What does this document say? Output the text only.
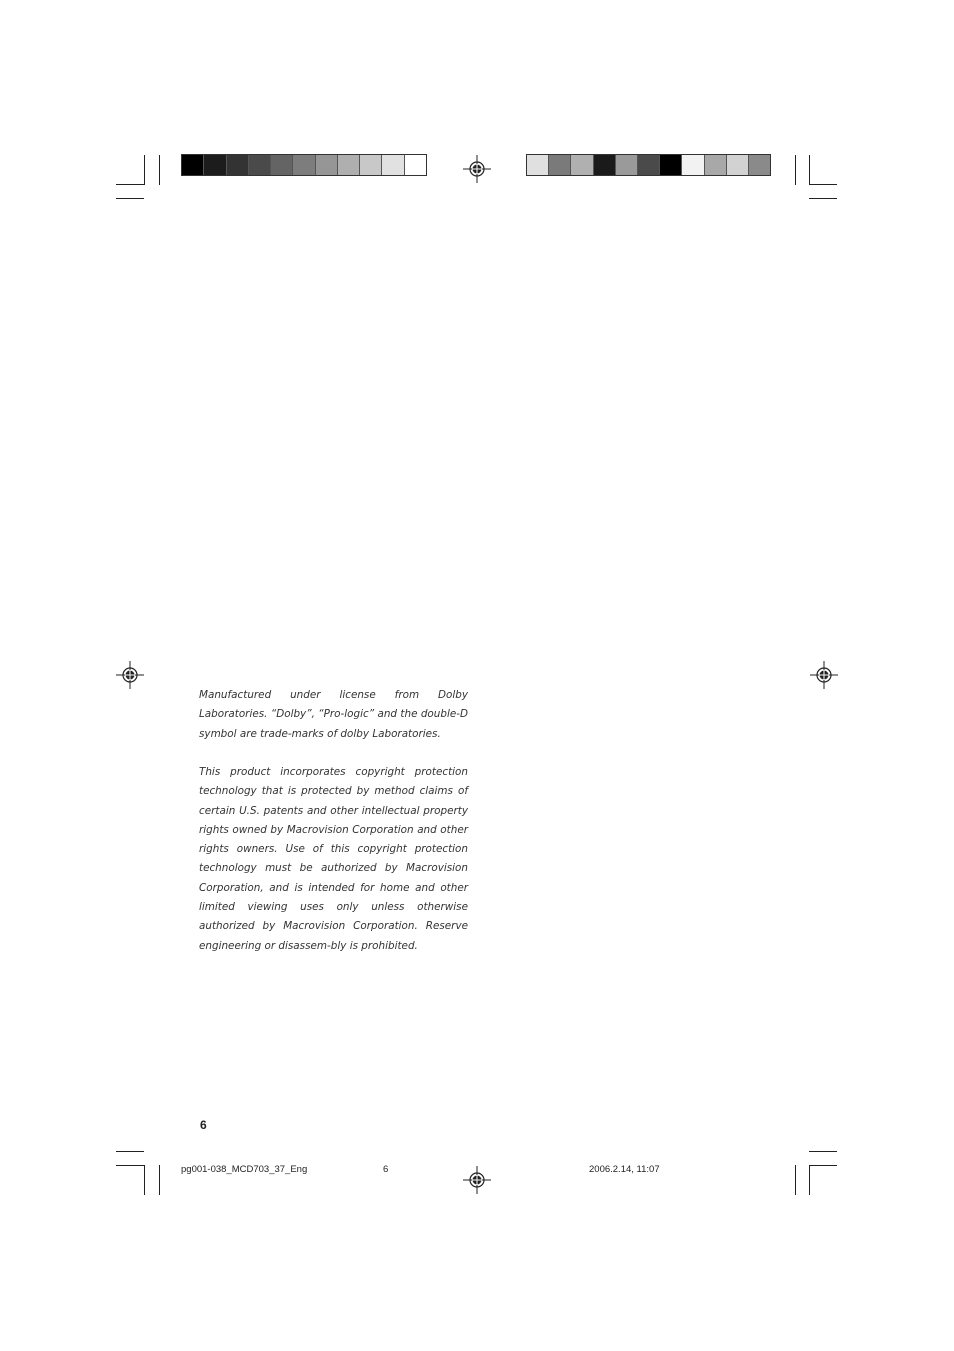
Manufactured under license from Dolby Laboratories. “Dolby”, “Pro-logic” and the double-D symbol are trade-marks of dolby Laboratories.

This product incorporates copyright protection technology that is protected by method claims of certain U.S. patents and other intellectual property rights owned by Macrovision Corporation and other rights owners. Use of this copyright protection technology must be authorized by Macrovision Corporation, and is intended for home and other limited viewing uses only unless otherwise authorized by Macrovision Corporation. Reserve engineering or disassem-bly is prohibited.

6
pg001-038_MCD703_37_Eng	6	2006.2.14, 11:07
